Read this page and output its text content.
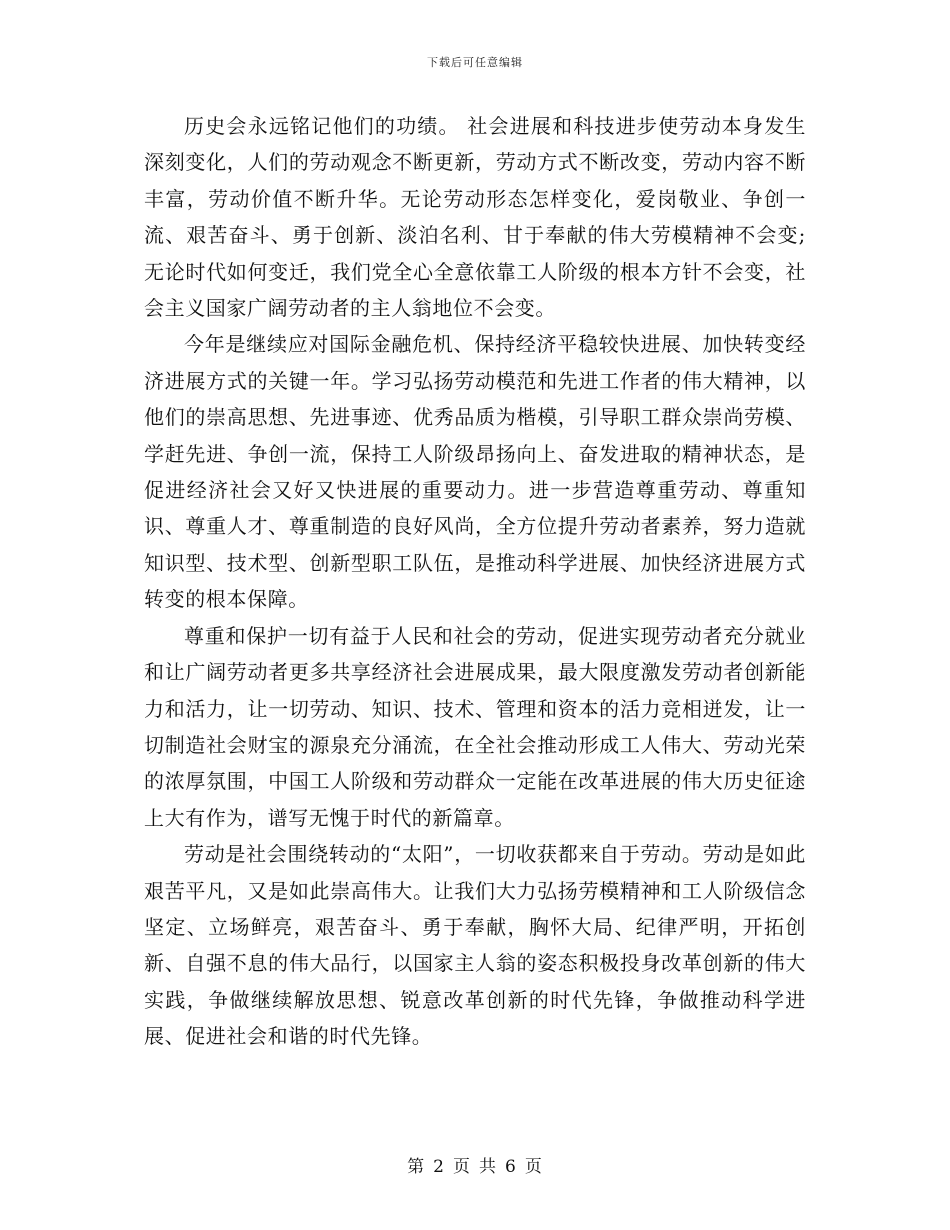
下载后可任意编辑

历史会永远铭记他们的功绩。 社会进展和科技进步使劳动本身发生深刻变化，人们的劳动观念不断更新，劳动方式不断改变，劳动内容不断丰富，劳动价值不断升华。无论劳动形态怎样变化，爱岗敬业、争创一流、艰苦奋斗、勇于创新、淡泊名利、甘于奉献的伟大劳模精神不会变;无论时代如何变迁，我们党全心全意依靠工人阶级的根本方针不会变，社会主义国家广阔劳动者的主人翁地位不会变。

今年是继续应对国际金融危机、保持经济平稳较快进展、加快转变经济进展方式的关键一年。学习弘扬劳动模范和先进工作者的伟大精神，以他们的崇高思想、先进事迹、优秀品质为楷模，引导职工群众崇尚劳模、学赶先进、争创一流，保持工人阶级昂扬向上、奋发进取的精神状态，是促进经济社会又好又快进展的重要动力。进一步营造尊重劳动、尊重知识、尊重人才、尊重制造的良好风尚，全方位提升劳动者素养，努力造就知识型、技术型、创新型职工队伍，是推动科学进展、加快经济进展方式转变的根本保障。

尊重和保护一切有益于人民和社会的劳动，促进实现劳动者充分就业和让广阔劳动者更多共享经济社会进展成果，最大限度激发劳动者创新能力和活力，让一切劳动、知识、技术、管理和资本的活力竞相迸发，让一切制造社会财宝的源泉充分涌流，在全社会推动形成工人伟大、劳动光荣的浓厚氛围，中国工人阶级和劳动群众一定能在改革进展的伟大历史征途上大有作为，谱写无愧于时代的新篇章。

劳动是社会围绕转动的“太阳”，一切收获都来自于劳动。劳动是如此艰苦平凡，又是如此崇高伟大。让我们大力弘扬劳模精神和工人阶级信念坚定、立场鲜亮，艰苦奋斗、勇于奉献，胸怀大局、纪律严明，开拓创新、自强不息的伟大品行，以国家主人翁的姿态积极投身改革创新的伟大实践，争做继续解放思想、锐意改革创新的时代先锋，争做推动科学进展、促进社会和谐的时代先锋。

第 2 页 共 6 页
